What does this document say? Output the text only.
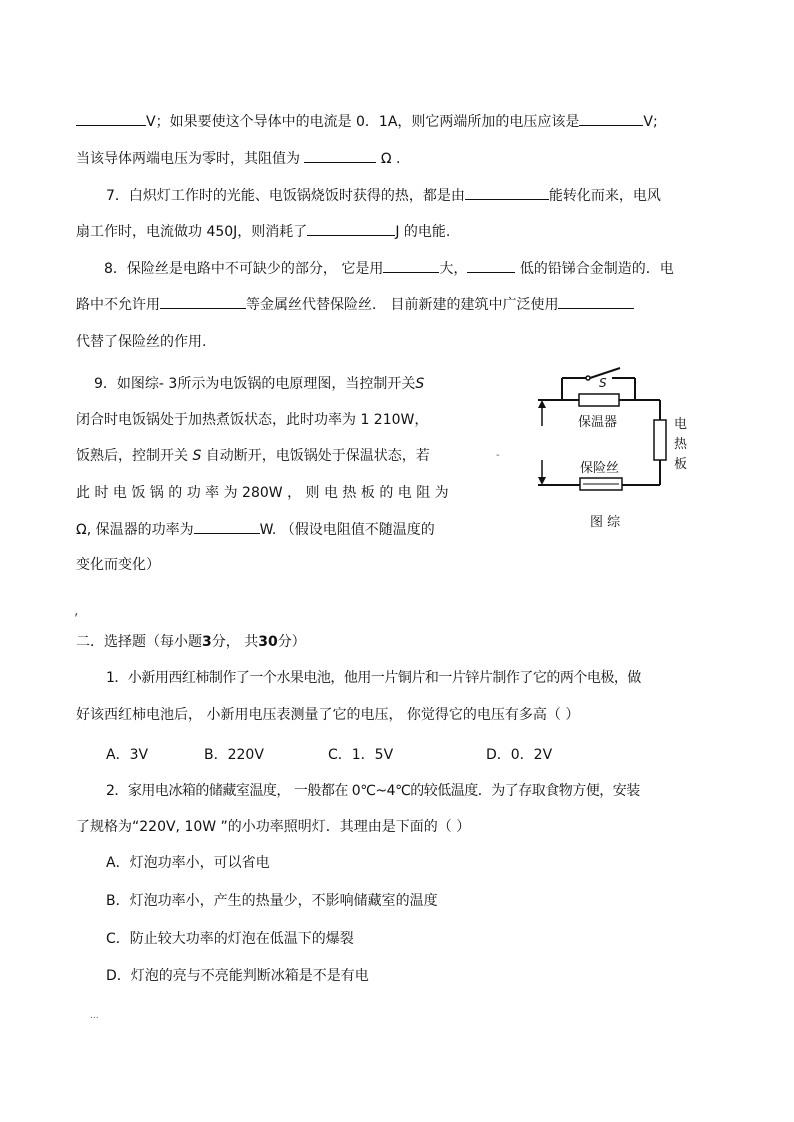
V；如果要使这个导体中的电流是 0．1A，则它两端所加的电压应该是	V;
当该导体两端电压为零时，其阻值为	Ω .
7．白炽灯工作时的光能、电饭锅烧饭时获得的热，都是由	能转化而来，电风
扇工作时，电流做功 450J，则消耗了	J 的电能.
8．保险丝是电路中不可缺少的部分， 它是用	大，	低的铅锑合金制造的．电
路中不允许用	等金属丝代替保险丝． 目前新建的建筑中广泛使用
代替了保险丝的作用.
9．如图综- 3所示为电饭锅的电原理图，当控制开关S
闭合时电饭锅处于加热煮饭状态，此时功率为 1 210W，
饭熟后，控制开关 S 自动断开，电饭锅处于保温状态，若
此 时 电 饭 锅 的 功 率 为 280W ， 则 电 热 板 的 电 阻 为
Ω, 保温器的功率为	W. （假设电阻值不随温度的
变化而变化）
S
保温器	电
热
板
保险丝
-
图 综
,
二．选择题（每小题3分， 共30分）
1．小新用西红柿制作了一个水果电池，他用一片铜片和一片锌片制作了它的两个电极，做
好该西红柿电池后， 小新用电压表测量了它的电压， 你觉得它的电压有多高（ ）
A．3V	B．220V	C．1．5V	D．0．2V
2．家用电冰箱的储藏室温度， 一般都在 0℃~4℃的较低温度．为了存取食物方便，安装
了规格为“220V, 10W ”的小功率照明灯．其理由是下面的（ ）
A．灯泡功率小，可以省电
B．灯泡功率小，产生的热量少，不影响储藏室的温度
C．防止较大功率的灯泡在低温下的爆裂
D．灯泡的亮与不亮能判断冰箱是不是有电
...
